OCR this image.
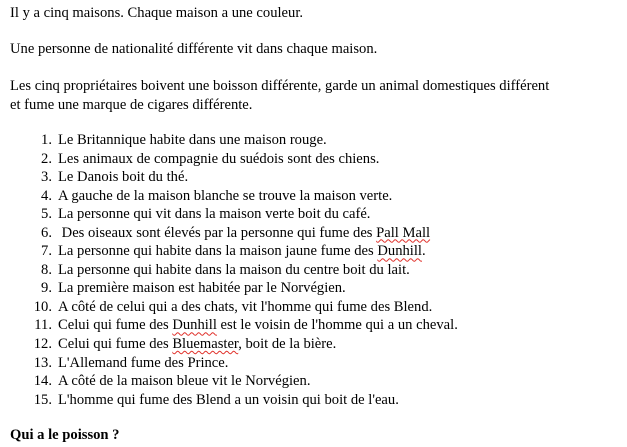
Il y a cinq maisons. Chaque maison a une couleur.

Une personne de nationalité différente vit dans chaque maison.

Les cinq propriétaires boivent une boisson différente, garde un animal domestiques différent
et fume une marque de cigares différente.

1. Le Britannique habite dans une maison rouge.
2. Les animaux de compagnie du suédois sont des chiens.
3. Le Danois boit du thé.
4. A gauche de la maison blanche se trouve la maison verte.
5. La personne qui vit dans la maison verte boit du café.
6. Des oiseaux sont élevés par la personne qui fume des Pall Mall
7. La personne qui habite dans la maison jaune fume des Dunhill.
8. La personne qui habite dans la maison du centre boit du lait.
9. La première maison est habitée par le Norvégien.
10. A côté de celui qui a des chats, vit l'homme qui fume des Blend.
11. Celui qui fume des Dunhill est le voisin de l'homme qui a un cheval.
12. Celui qui fume des Bluemaster, boit de la bière.
13. L'Allemand fume des Prince.
14. A côté de la maison bleue vit le Norvégien.
15. L'homme qui fume des Blend a un voisin qui boit de l'eau.

Qui a le poisson ?
